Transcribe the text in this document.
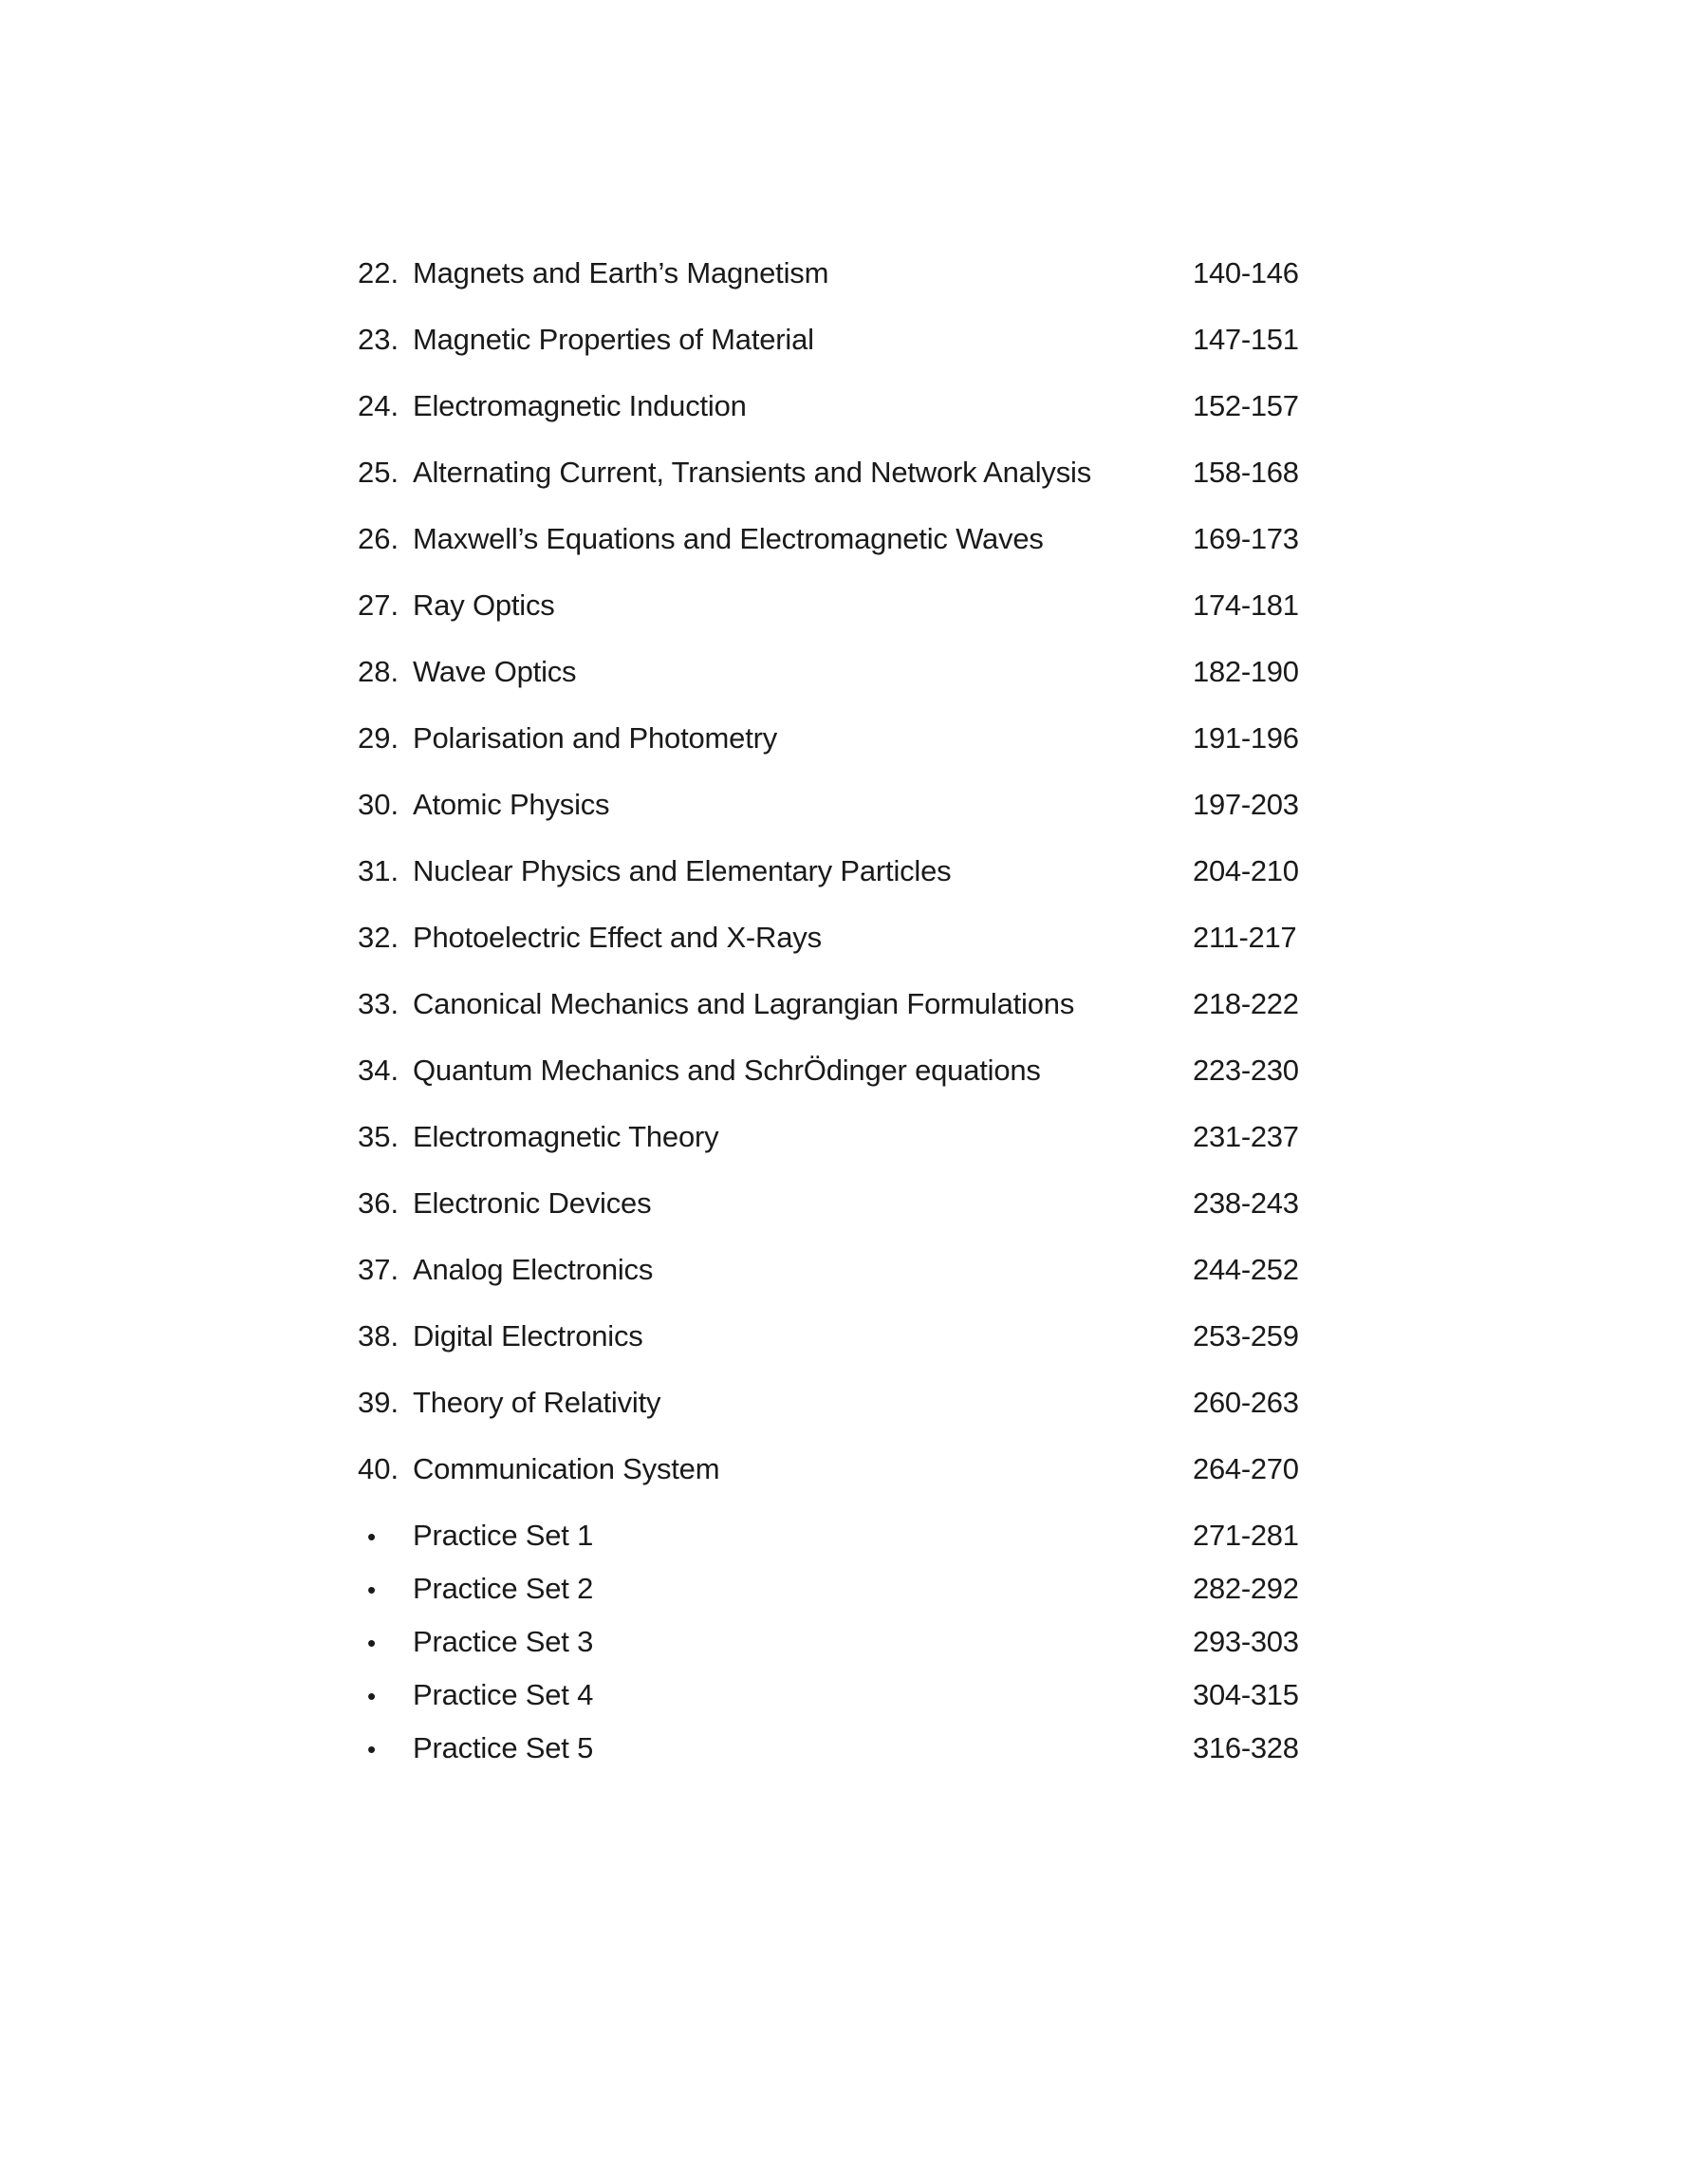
22. Magnets and Earth’s Magnetism	140-146
23. Magnetic Properties of Material	147-151
24. Electromagnetic Induction	152-157
25. Alternating Current, Transients and Network Analysis	158-168
26. Maxwell’s Equations and Electromagnetic Waves	169-173
27. Ray Optics	174-181
28. Wave Optics	182-190
29. Polarisation and Photometry	191-196
30. Atomic Physics	197-203
31. Nuclear Physics and Elementary Particles	204-210
32. Photoelectric Effect and X-Rays	211-217
33. Canonical Mechanics and Lagrangian Formulations	218-222
34. Quantum Mechanics and SchrÖdinger equations	223-230
35. Electromagnetic Theory	231-237
36. Electronic Devices	238-243
37. Analog Electronics	244-252
38. Digital Electronics	253-259
39. Theory of Relativity	260-263
40. Communication System	264-270
•	Practice Set 1	271-281
•	Practice Set 2	282-292
•	Practice Set 3	293-303
•	Practice Set 4	304-315
•	Practice Set 5	316-328
